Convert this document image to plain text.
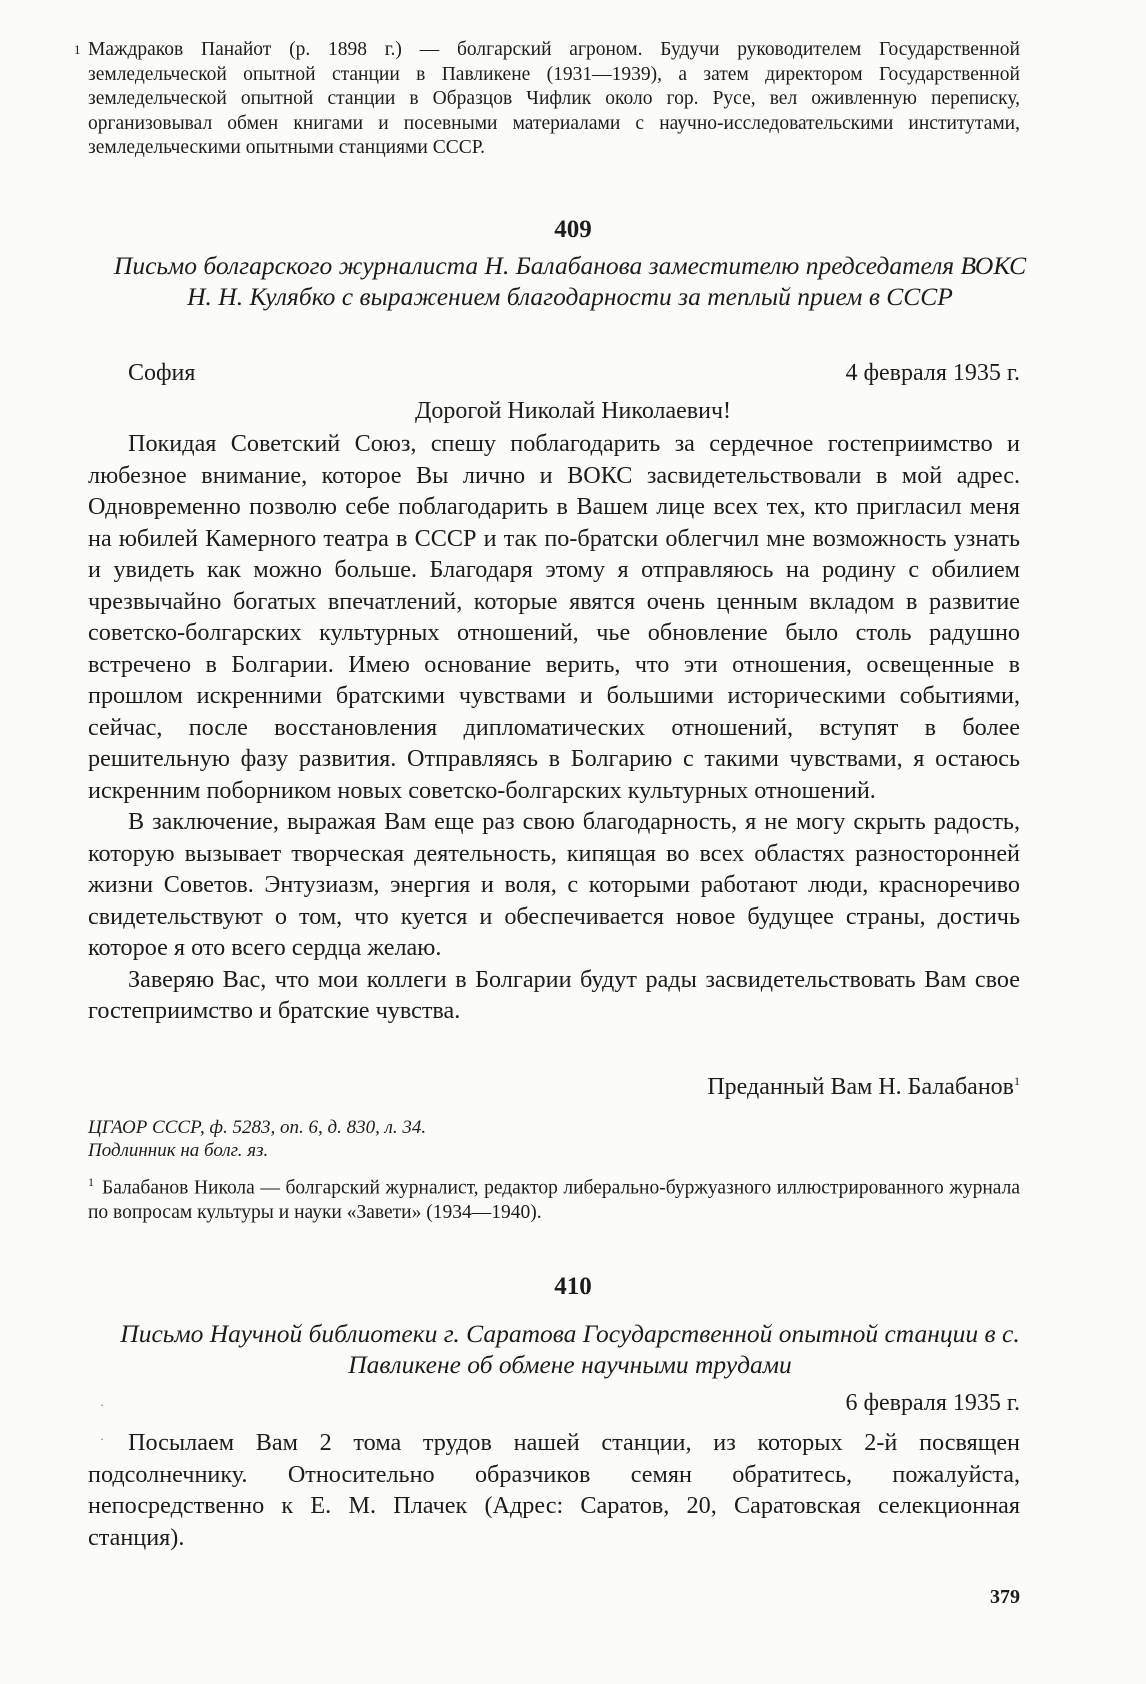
1 Маждраков Панайот (р. 1898 г.) — болгарский агроном. Будучи руководителем Государственной земледельческой опытной станции в Павликене (1931—1939), а затем директором Государственной земледельческой опытной станции в Образцов Чифлик около гор. Русе, вел оживленную переписку, организовывал обмен книгами и посевными материалами с научно-исследовательскими институтами, земледельческими опытными станциями СССР.
409
Письмо болгарского журналиста Н. Балабанова заместителю председателя ВОКС Н. Н. Кулябко с выражением благодарности за теплый прием в СССР
София	4 февраля 1935 г.
Дорогой Николай Николаевич!

Покидая Советский Союз, спешу поблагодарить за сердечное гостеприимство и любезное внимание, которое Вы лично и ВОКС засвидетельствовали в мой адрес. Одновременно позволю себе поблагодарить в Вашем лице всех тех, кто пригласил меня на юбилей Камерного театра в СССР и так по-братски облегчил мне возможность узнать и увидеть как можно больше. Благодаря этому я отправляюсь на родину с обилием чрезвычайно богатых впечатлений, которые явятся очень ценным вкладом в развитие советско-болгарских культурных отношений, чье обновление было столь радушно встречено в Болгарии. Имею основание верить, что эти отношения, освещенные в прошлом искренними братскими чувствами и большими историческими событиями, сейчас, после восстановления дипломатических отношений, вступят в более решительную фазу развития. Отправляясь в Болгарию с такими чувствами, я остаюсь искренним поборником новых советско-болгарских культурных отношений.

В заключение, выражая Вам еще раз свою благодарность, я не могу скрыть радость, которую вызывает творческая деятельность, кипящая во всех областях разносторонней жизни Советов. Энтузиазм, энергия и воля, с которыми работают люди, красноречиво свидетельствуют о том, что куется и обеспечивается новое будущее страны, достичь которое я ото всего сердца желаю.

Заверяю Вас, что мои коллеги в Болгарии будут рады засвидетельствовать Вам свое гостеприимство и братские чувства.

Преданный Вам Н. Балабанов$^1$
ЦГАОР СССР, ф. 5283, оп. 6, д. 830, л. 34.
Подлинник на болг. яз.
$^1$ Балабанов Никола — болгарский журналист, редактор либерально-буржуазного иллюстрированного журнала по вопросам культуры и науки «Завети» (1934—1940).
410
Письмо Научной библиотеки г. Саратова Государственной опытной станции в с. Павликене об обмене научными трудами
6 февраля 1935 г.

Посылаем Вам 2 тома трудов нашей станции, из которых 2-й посвящен подсолнечнику. Относительно образчиков семян обратитесь, пожалуйста, непосредственно к Е. М. Плачек (Адрес: Саратов, 20, Саратовская селекционная станция).

379
·
·
